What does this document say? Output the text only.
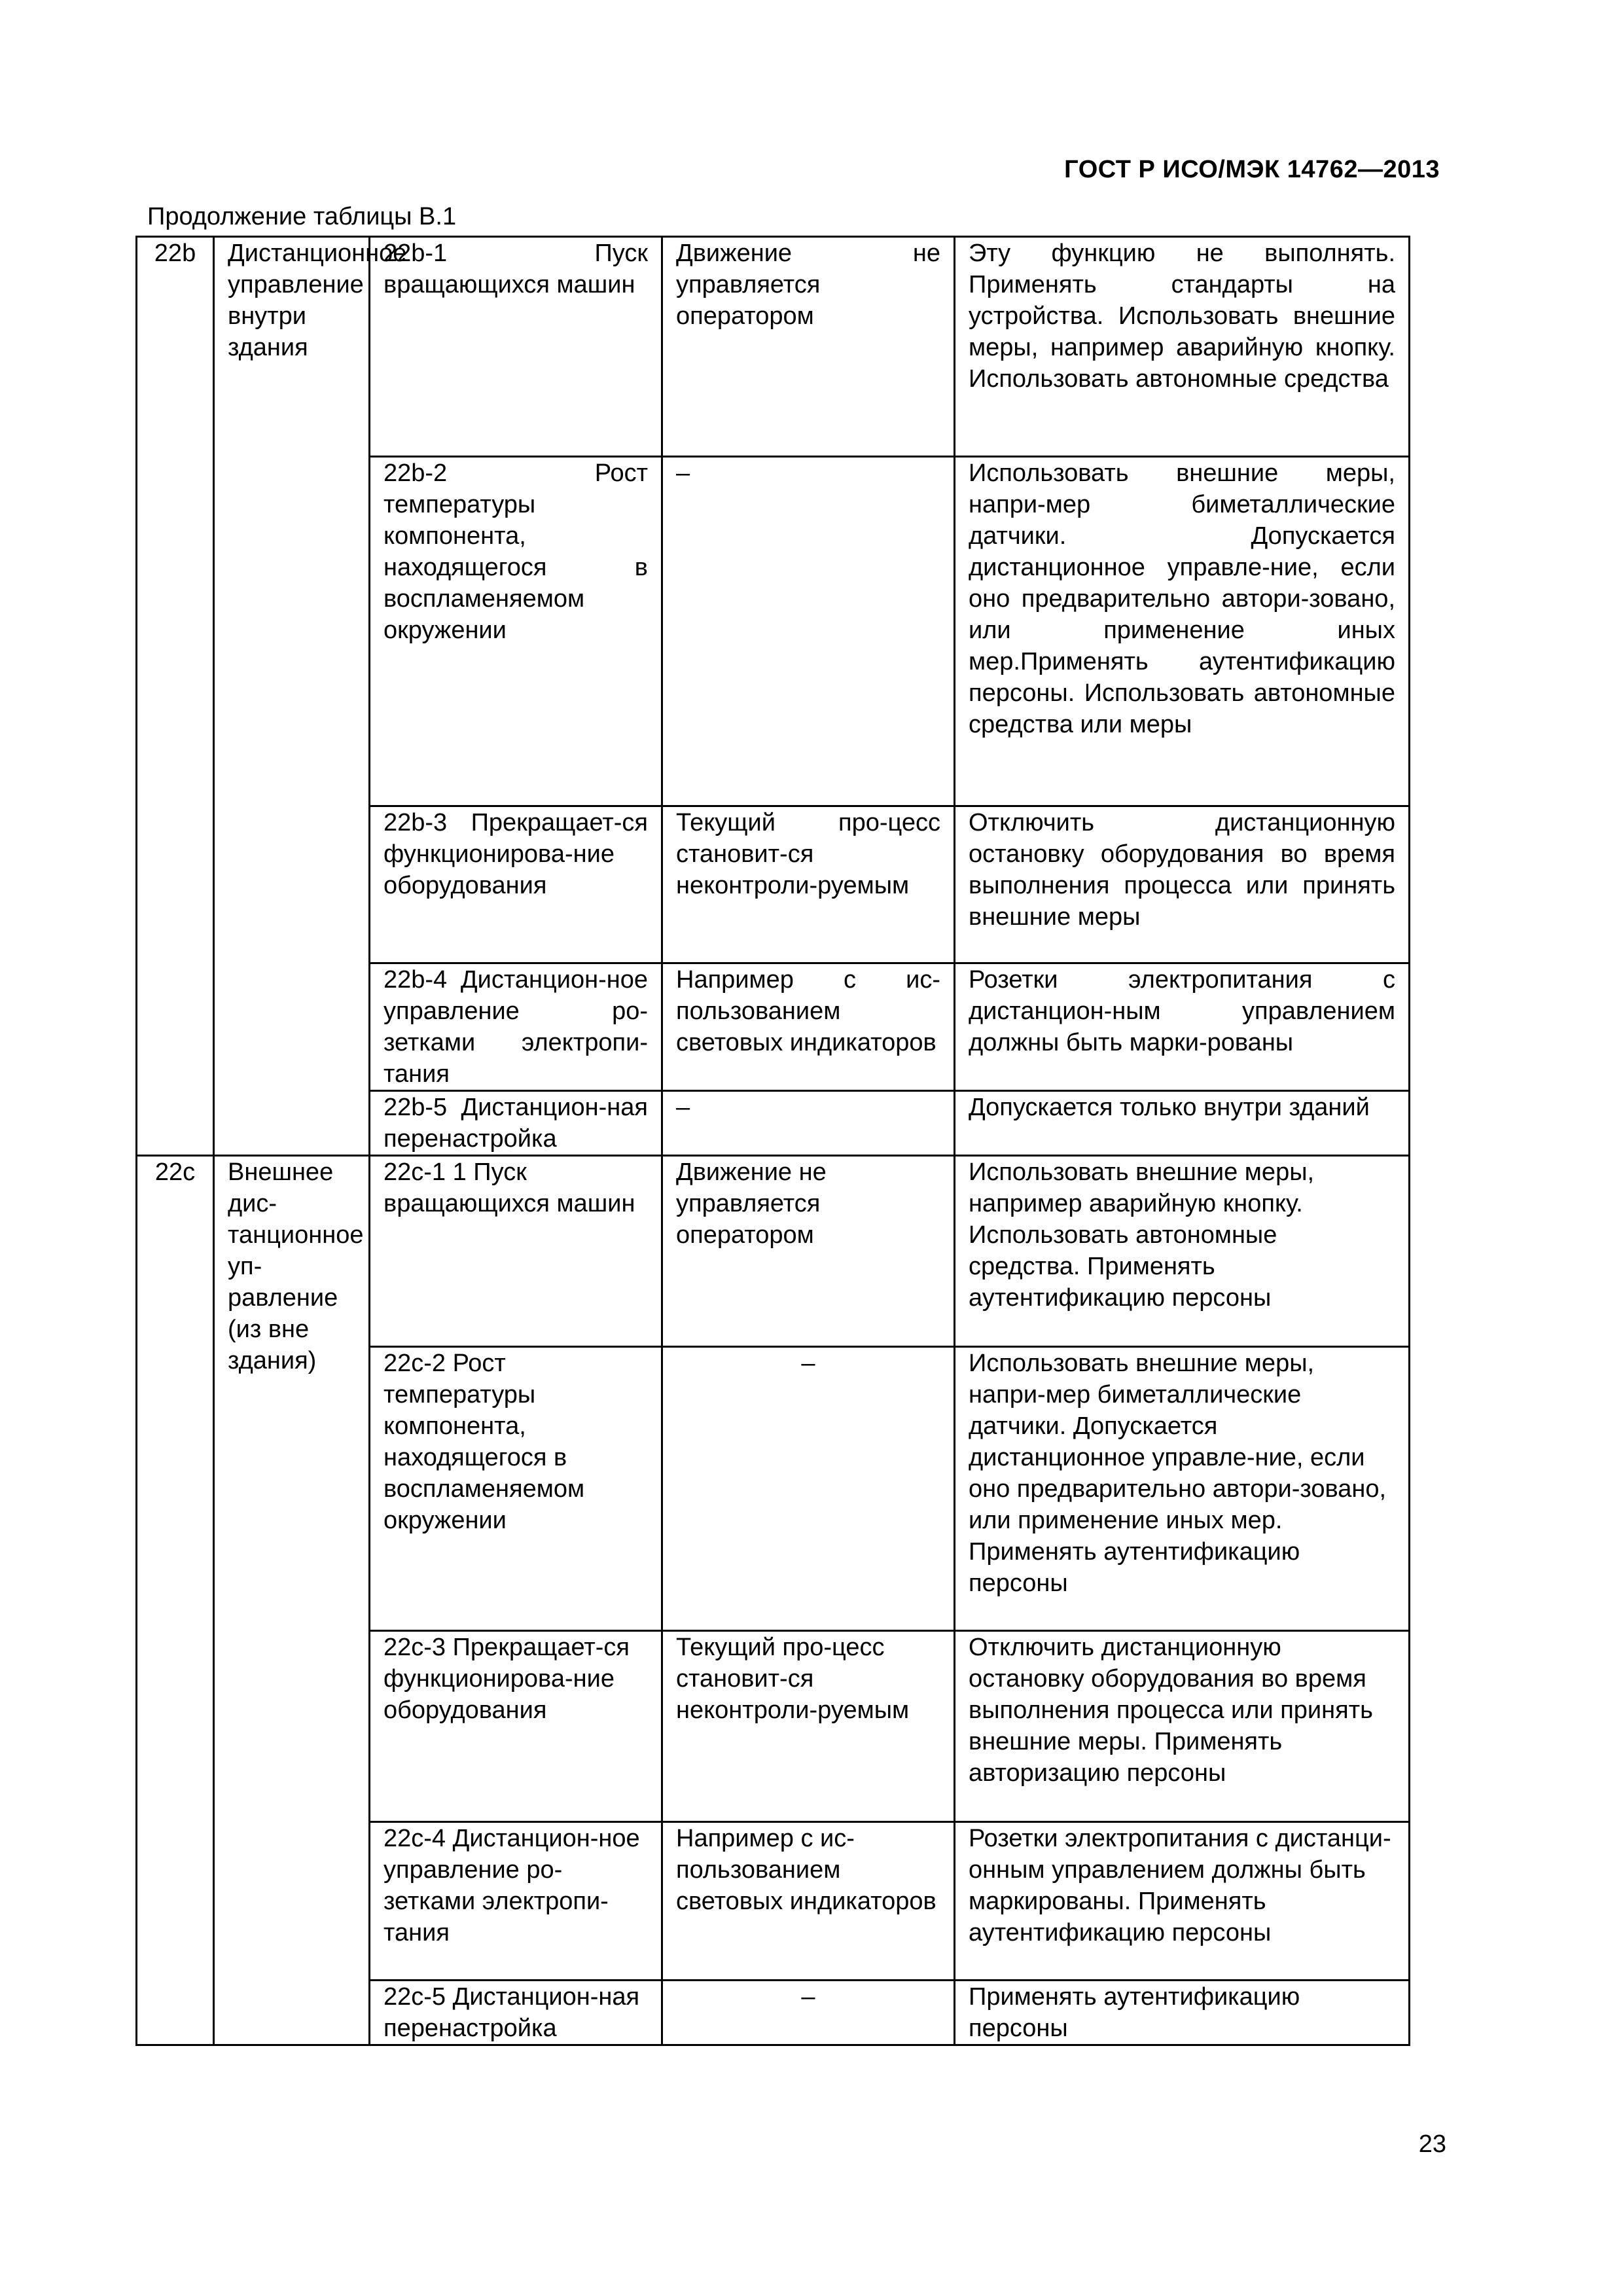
ГОСТ Р ИСО/МЭК 14762—2013
Продолжение таблицы В.1
22b	Дистанционное управление внутри здания	22b-1 Пуск вращающихся машин	Движение не управляется оператором	Эту функцию не выполнять. Применять стандарты на устройства. Использовать внешние меры, например аварийную кнопку. Использовать автономные средства
		22b-2 Рост температуры компонента, находящегося в воспламеняемом окружении	–	Использовать внешние меры, напри-мер биметаллические датчики. Допускается дистанционное управле-ние, если оно предварительно автори-зовано, или применение иных мер.Применять аутентификацию персоны. Использовать автономные средства или меры
		22b-3 Прекращает-ся функционирова-ние оборудования	Текущий про-цесс становит-ся неконтроли-руемым	Отключить дистанционную остановку оборудования во время выполнения процесса или принять внешние меры
		22b-4 Дистанцион-ное управление ро-зетками электропи-тания	Например с ис-пользованием световых индикаторов	Розетки электропитания с дистанцион-ным управлением должны быть марки-рованы
		22b-5 Дистанцион-ная перенастройка	–	Допускается только внутри зданий
22c	Внешнее дис-танционное уп-равление (из вне здания)	22c-1 1 Пуск вращающихся машин	Движение не управляется оператором	Использовать внешние меры, например аварийную кнопку. Использовать автономные средства. Применять аутентификацию персоны
		22c-2 Рост температуры компонента, находящегося в воспламеняемом окружении	–	Использовать внешние меры, напри-мер биметаллические датчики. Допускается дистанционное управле-ние, если оно предварительно автори-зовано, или применение иных мер. Применять аутентификацию персоны
		22c-3 Прекращает-ся функционирова-ние оборудования	Текущий про-цесс становит-ся неконтроли-руемым	Отключить дистанционную остановку оборудования во время выполнения процесса или принять внешние меры. Применять авторизацию персоны
		22c-4 Дистанцион-ное управление ро-зетками электропи-тания	Например с ис-пользованием световых индикаторов	Розетки электропитания с дистанци-онным управлением должны быть маркированы. Применять аутентификацию персоны
		22c-5 Дистанцион-ная перенастройка	–	Применять аутентификацию персоны
23
